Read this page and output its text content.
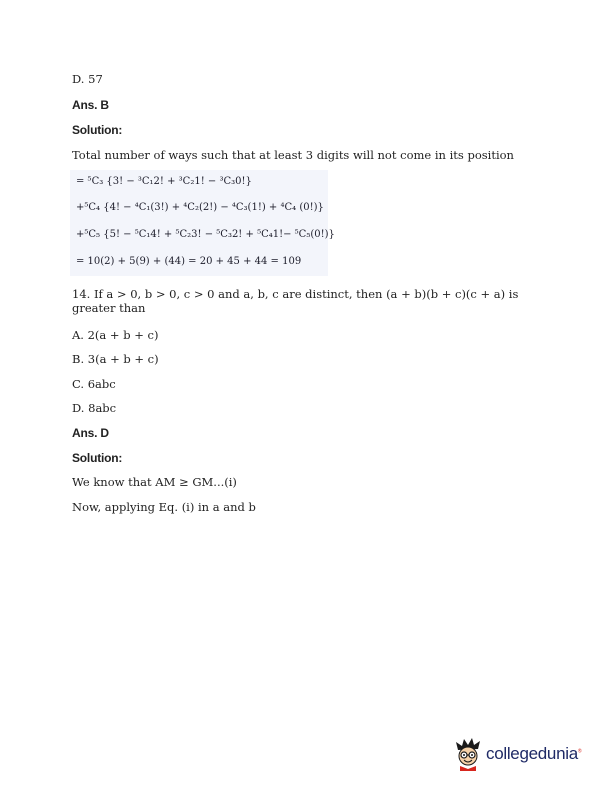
D. 57
Ans. B
Solution:
Total number of ways such that at least 3 digits will not come in its position
= ⁵C₃ {3! − ³C₁2! + ³C₂1! − ³C₃0!}
+⁵C₄ {4! − ⁴C₁(3!) + ⁴C₂(2!) − ⁴C₃(1!) + ⁴C₄ (0!)}
+⁵C₅ {5! − ⁵C₁4! + ⁵C₂3! − ⁵C₃2! + ⁵C₄1!− ⁵C₅(0!)}
= 10(2) + 5(9) + (44) = 20 + 45 + 44 = 109
14. If a > 0, b > 0, c > 0 and a, b, c are distinct, then (a + b)(b + c)(c + a) is greater than
A. 2(a + b + c)
B. 3(a + b + c)
C. 6abc
D. 8abc
Ans. D
Solution:
We know that AM ≥ GM...(i)
Now, applying Eq. (i) in a and b
collegedunia®
